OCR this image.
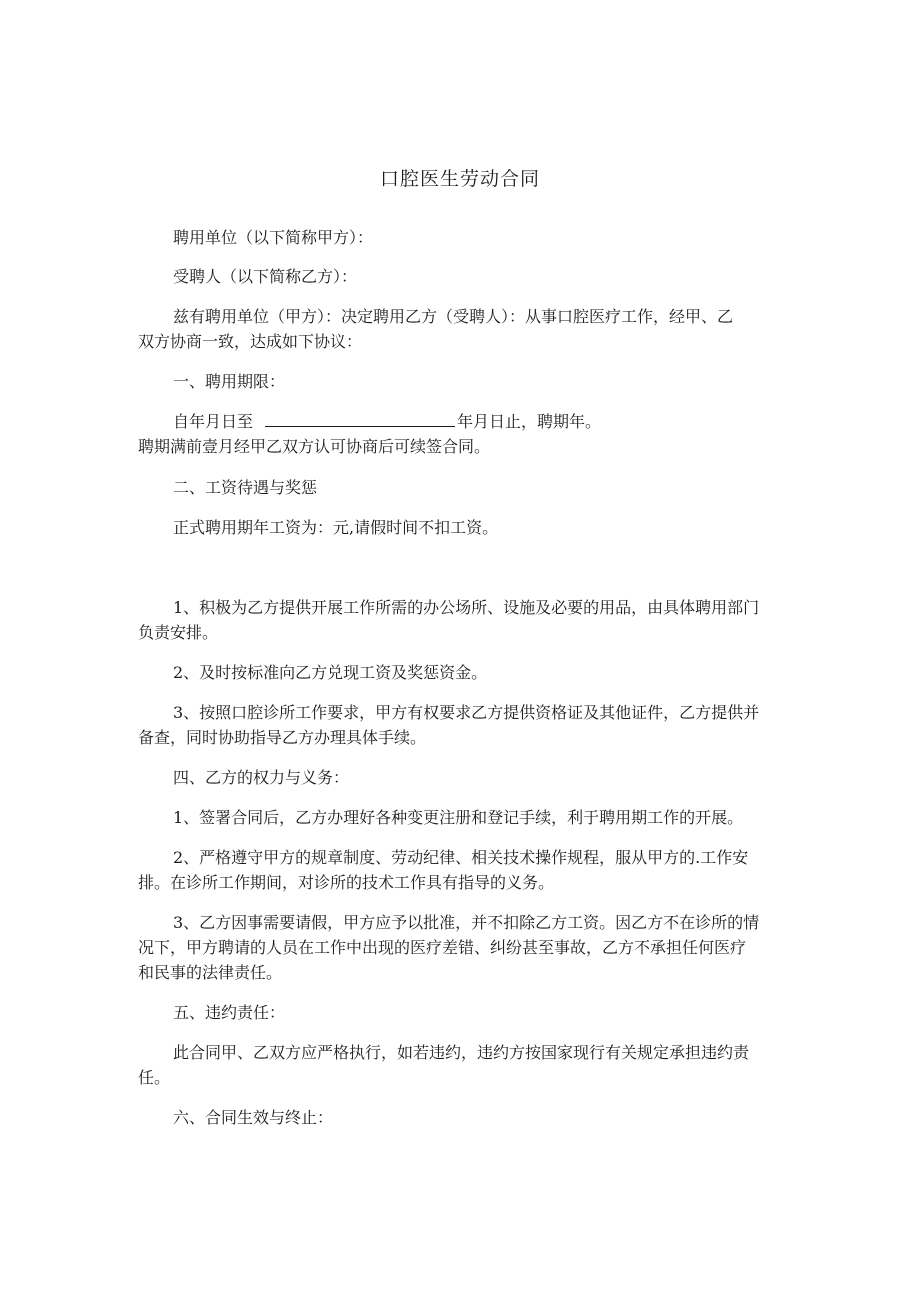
口腔医生劳动合同

聘用单位（以下简称甲方）：

受聘人（以下简称乙方）：

兹有聘用单位（甲方）：决定聘用乙方（受聘人）：从事口腔医疗工作，经甲、乙

双方协商一致，达成如下协议：

一、聘用期限：

自年月日至	年月日止，聘期年。

聘期满前壹月经甲乙双方认可协商后可续签合同。

二、工资待遇与奖惩

正式聘用期年工资为：元,请假时间不扣工资。

1、积极为乙方提供开展工作所需的办公场所、设施及必要的用品，由具体聘用部门

负责安排。

2、及时按标准向乙方兑现工资及奖惩资金。

3、按照口腔诊所工作要求，甲方有权要求乙方提供资格证及其他证件，乙方提供并

备查，同时协助指导乙方办理具体手续。

四、乙方的权力与义务：

1、签署合同后，乙方办理好各种变更注册和登记手续，利于聘用期工作的开展。

2、严格遵守甲方的规章制度、劳动纪律、相关技术操作规程，服从甲方的.工作安

排。在诊所工作期间，对诊所的技术工作具有指导的义务。

3、乙方因事需要请假，甲方应予以批准，并不扣除乙方工资。因乙方不在诊所的情

况下，甲方聘请的人员在工作中出现的医疗差错、纠纷甚至事故，乙方不承担任何医疗

和民事的法律责任。

五、违约责任：

此合同甲、乙双方应严格执行，如若违约，违约方按国家现行有关规定承担违约责

任。

六、合同生效与终止：
